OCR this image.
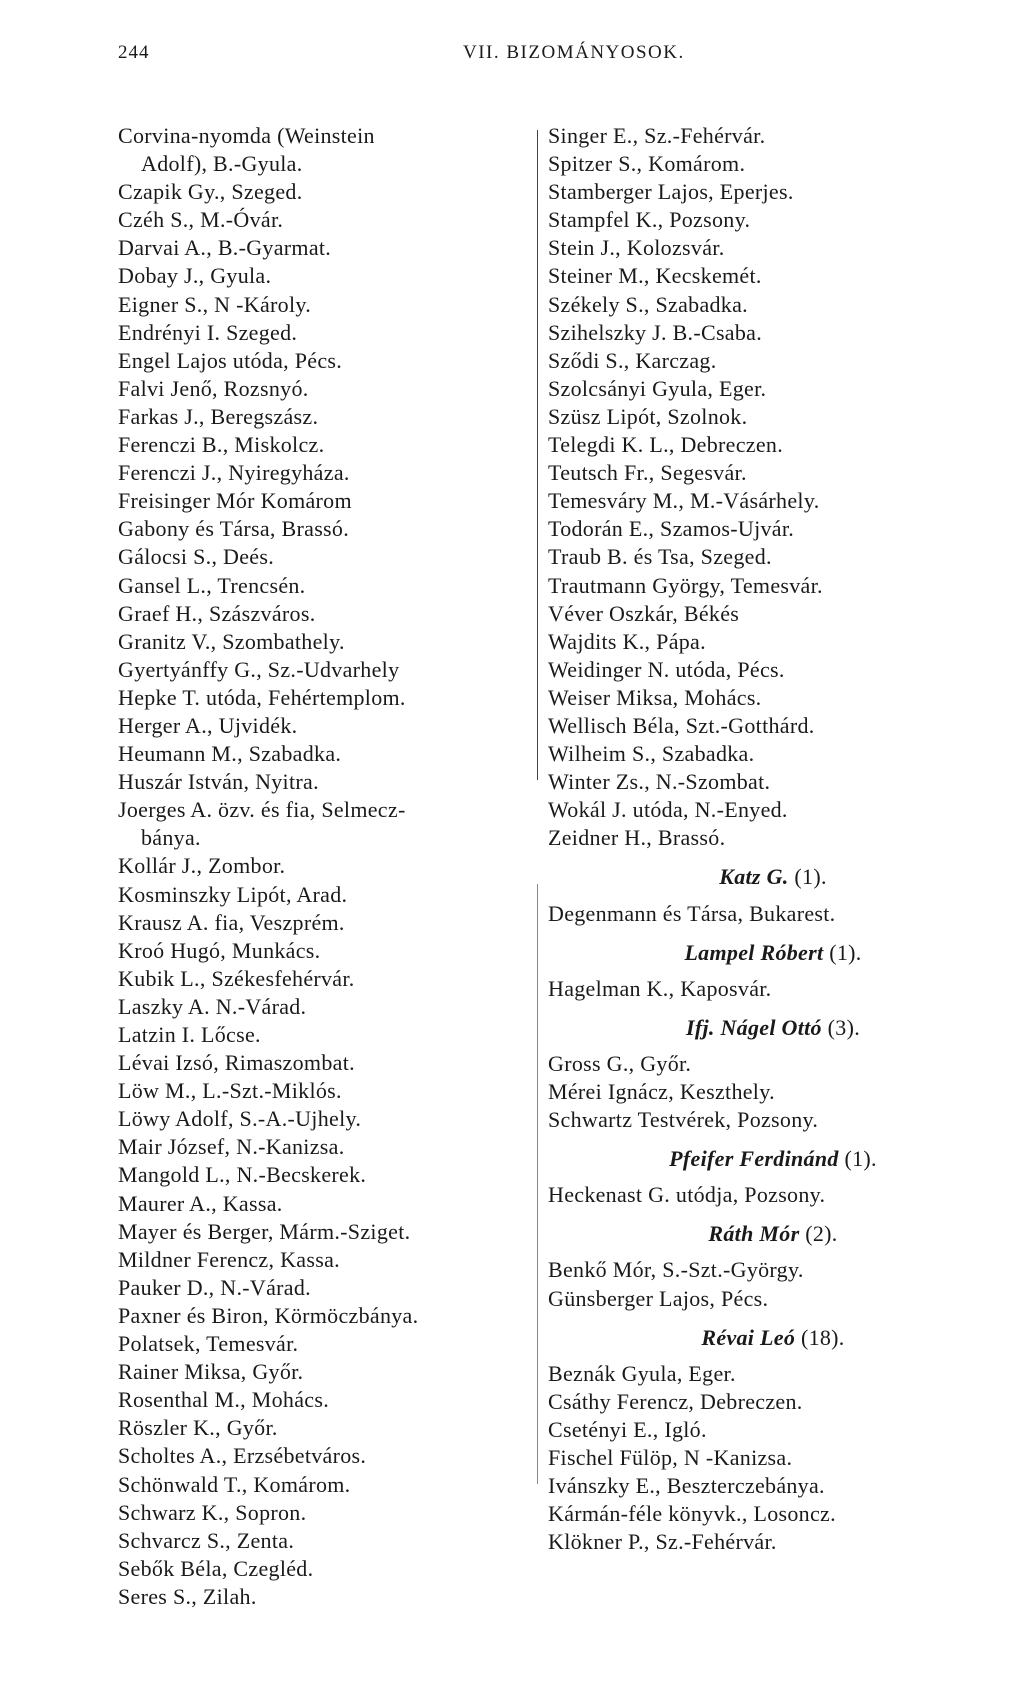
244	VII. BIZOMÁNYOSOK.
Corvina-nyomda (Weinstein
Adolf), B.-Gyula.
Czapik Gy., Szeged.
Czéh S., M.-Óvár.
Darvai A., B.-Gyarmat.
Dobay J., Gyula.
Eigner S., N -Károly.
Endrényi I. Szeged.
Engel Lajos utóda, Pécs.
Falvi Jenő, Rozsnyó.
Farkas J., Beregszász.
Ferenczi B., Miskolcz.
Ferenczi J., Nyiregyháza.
Freisinger Mór Komárom
Gabony és Társa, Brassó.
Gálocsi S., Deés.
Gansel L., Trencsén.
Graef H., Szászváros.
Granitz V., Szombathely.
Gyertyánffy G., Sz.-Udvarhely
Hepke T. utóda, Fehértemplom.
Herger A., Ujvidék.
Heumann M., Szabadka.
Huszár István, Nyitra.
Joerges A. özv. és fia, Selmecz-
bánya.
Kollár J., Zombor.
Kosminszky Lipót, Arad.
Krausz A. fia, Veszprém.
Kroó Hugó, Munkács.
Kubik L., Székesfehérvár.
Laszky A. N.-Várad.
Latzin I. Lőcse.
Lévai Izsó, Rimaszombat.
Löw M., L.-Szt.-Miklós.
Löwy Adolf, S.-A.-Ujhely.
Mair József, N.-Kanizsa.
Mangold L., N.-Becskerek.
Maurer A., Kassa.
Mayer és Berger, Márm.-Sziget.
Mildner Ferencz, Kassa.
Pauker D., N.-Várad.
Paxner és Biron, Körmöczbánya.
Polatsek, Temesvár.
Rainer Miksa, Győr.
Rosenthal M., Mohács.
Röszler K., Győr.
Scholtes A., Erzsébetváros.
Schönwald T., Komárom.
Schwarz K., Sopron.
Schvarcz S., Zenta.
Sebők Béla, Czegléd.
Seres S., Zilah.
Singer E., Sz.-Fehérvár.
Spitzer S., Komárom.
Stamberger Lajos, Eperjes.
Stampfel K., Pozsony.
Stein J., Kolozsvár.
Steiner M., Kecskemét.
Székely S., Szabadka.
Szihelszky J. B.-Csaba.
Sződi S., Karczag.
Szolcsányi Gyula, Eger.
Szüsz Lipót, Szolnok.
Telegdi K. L., Debreczen.
Teutsch Fr., Segesvár.
Temesváry M., M.-Vásárhely.
Todorán E., Szamos-Ujvár.
Traub B. és Tsa, Szeged.
Trautmann György, Temesvár.
Véver Oszkár, Békés
Wajdits K., Pápa.
Weidinger N. utóda, Pécs.
Weiser Miksa, Mohács.
Wellisch Béla, Szt.-Gotthárd.
Wilheim S., Szabadka.
Winter Zs., N.-Szombat.
Wokál J. utóda, N.-Enyed.
Zeidner H., Brassó.
Katz G. (1).
Degenmann és Társa, Bukarest.
Lampel Róbert (1).
Hagelman K., Kaposvár.
Ifj. Nágel Ottó (3).
Gross G., Győr.
Mérei Ignácz, Keszthely.
Schwartz Testvérek, Pozsony.
Pfeifer Ferdinánd (1).
Heckenast G. utódja, Pozsony.
Ráth Mór (2).
Benkő Mór, S.-Szt.-György.
Günsberger Lajos, Pécs.
Révai Leó (18).
Beznák Gyula, Eger.
Csáthy Ferencz, Debreczen.
Csetényi E., Igló.
Fischel Fülöp, N -Kanizsa.
Ivánszky E., Beszterczebánya.
Kármán-féle könyvk., Losoncz.
Klökner P., Sz.-Fehérvár.
